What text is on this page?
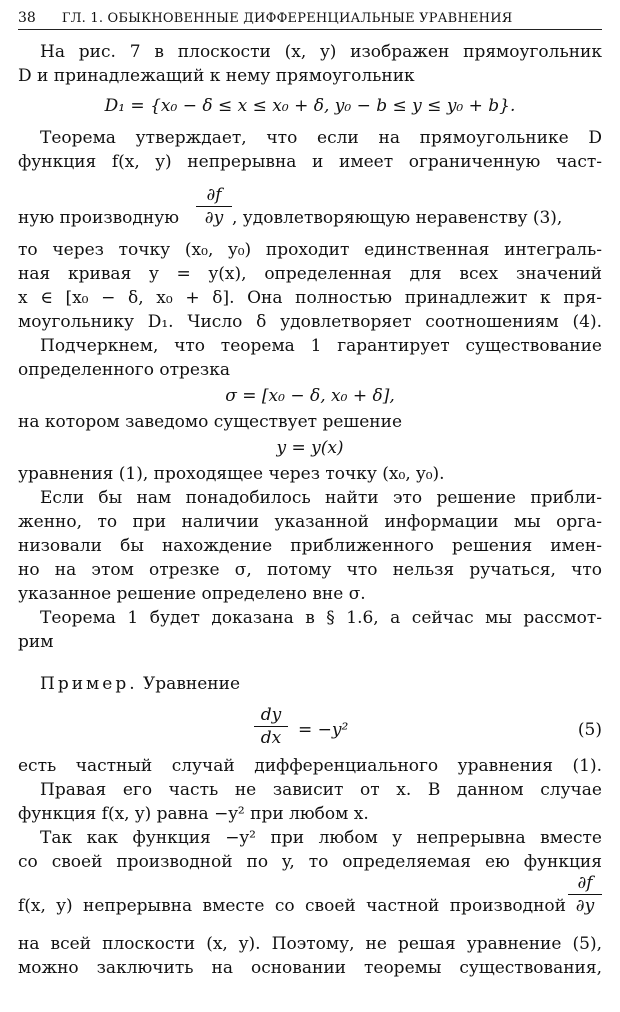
38 ГЛ. 1. ОБЫКНОВЕННЫЕ ДИФФЕРЕНЦИАЛЬНЫЕ УРАВНЕНИЯ
На рис. 7 в плоскости (x, y) изображен прямоугольник
D и принадлежащий к нему прямоугольник
D₁ = {x₀ − δ ≤ x ≤ x₀ + δ, y₀ − b ≤ y ≤ y₀ + b}.
Теорема утверждает, что если на прямоугольнике D
функция f(x, y) непрерывна и имеет ограниченную част-
ную производную	$\frac{\partial f}{\partial y}$ , удовлетворяющую неравенству (3),
то через точку (x₀, y₀) проходит единственная интеграль-
ная кривая y = y(x), определенная для всех значений
x ∈ [x₀ − δ, x₀ + δ]. Она полностью принадлежит к пря-
моугольнику D₁. Число δ удовлетворяет соотношениям (4).
Подчеркнем, что теорема 1 гарантирует существование
определенного отрезка
σ = [x₀ − δ, x₀ + δ],
на котором заведомо существует решение
y = y(x)
уравнения (1), проходящее через точку (x₀, y₀).
Если бы нам понадобилось найти это решение прибли-
женно, то при наличии указанной информации мы орга-
низовали бы нахождение приближенного решения имен-
но на этом отрезке σ, потому что нельзя ручаться, что
указанное решение определено вне σ.
Теорема 1 будет доказана в § 1.6, а сейчас мы рассмот-
рим
Пример. Уравнение
$\frac{dy}{dx} = -y^2$	(5)
есть частный случай дифференциального уравнения (1).
Правая его часть не зависит от x. В данном случае
функция f(x, y) равна −y² при любом x.
Так как функция −y² при любом y непрерывна вместе
со своей производной по y, то определяемая ею функция
f(x, y) непрерывна вместе со своей частной производной $\frac{\partial f}{\partial y}$
на всей плоскости (x, y). Поэтому, не решая уравнение (5),
можно заключить на основании теоремы существования,
